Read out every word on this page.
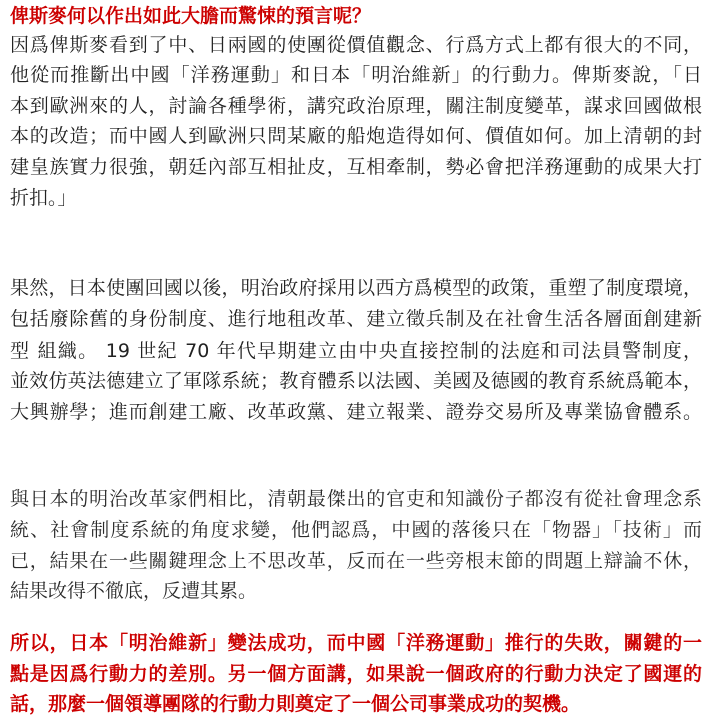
俾斯麥何以作出如此大膽而驚悚的預言呢？
因爲俾斯麥看到了中、日兩國的使團從價值觀念、行爲方式上都有很大的不同，
他從而推斷出中國「洋務運動」和日本「明治維新」的行動力。俾斯麥說，「日
本到歐洲來的人，討論各種學術，講究政治原理，關注制度變革，謀求回國做根
本的改造；而中國人到歐洲只問某廠的船炮造得如何、價值如何。加上清朝的封
建皇族實力很強，朝廷內部互相扯皮，互相牽制，勢必會把洋務運動的成果大打
折扣。」
果然，日本使團回國以後，明治政府採用以西方爲模型的政策，重塑了制度環境，
包括廢除舊的身份制度、進行地租改革、建立徵兵制及在社會生活各層面創建新
型 組織。 19 世紀 70 年代早期建立由中央直接控制的法庭和司法員警制度，
並效仿英法德建立了軍隊系統；教育體系以法國、美國及德國的教育系統爲範本，
大興辦學；進而創建工廠、改革政黨、建立報業、證券交易所及專業協會體系。
與日本的明治改革家們相比，清朝最傑出的官吏和知識份子都沒有從社會理念系
統、社會制度系統的角度求變，他們認爲，中國的落後只在「物器」「技術」而
已，結果在一些關鍵理念上不思改革，反而在一些旁根末節的問題上辯論不休，
結果改得不徹底，反遭其累。
所以，日本「明治維新」變法成功，而中國「洋務運動」推行的失敗，關鍵的一
點是因爲行動力的差別。另一個方面講，如果說一個政府的行動力決定了國運的
話，那麼一個領導團隊的行動力則奠定了一個公司事業成功的契機。
